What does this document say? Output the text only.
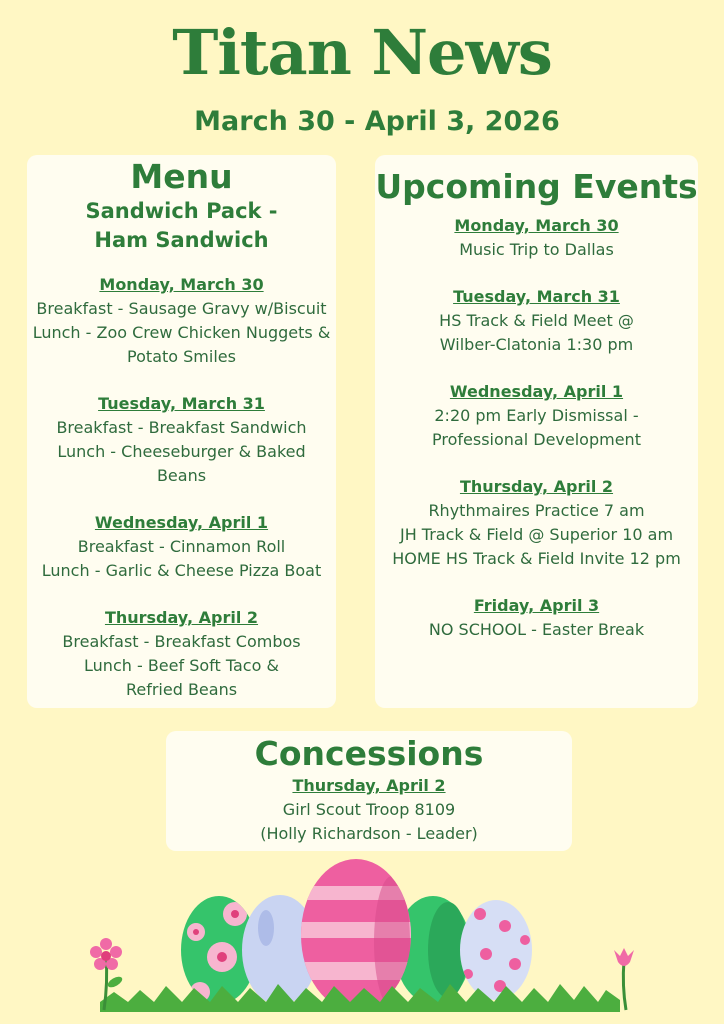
Titan News
March 30 - April 3, 2026
Menu
Sandwich Pack -
Ham Sandwich
Monday, March 30
Breakfast - Sausage Gravy w/Biscuit
Lunch - Zoo Crew Chicken Nuggets &
Potato Smiles
Tuesday, March 31
Breakfast - Breakfast Sandwich
Lunch - Cheeseburger & Baked
Beans
Wednesday, April 1
Breakfast - Cinnamon Roll
Lunch - Garlic & Cheese Pizza Boat
Thursday, April 2
Breakfast - Breakfast Combos
Lunch - Beef Soft Taco &
Refried Beans
Upcoming Events
Monday, March 30
Music Trip to Dallas
Tuesday, March 31
HS Track & Field Meet @
Wilber-Clatonia 1:30 pm
Wednesday, April 1
2:20 pm Early Dismissal -
Professional Development
Thursday, April 2
Rhythmaires Practice 7 am
JH Track & Field @ Superior 10 am
HOME HS Track & Field Invite 12 pm
Friday, April 3
NO SCHOOL - Easter Break
Concessions
Thursday, April 2
Girl Scout Troop 8109
(Holly Richardson - Leader)
